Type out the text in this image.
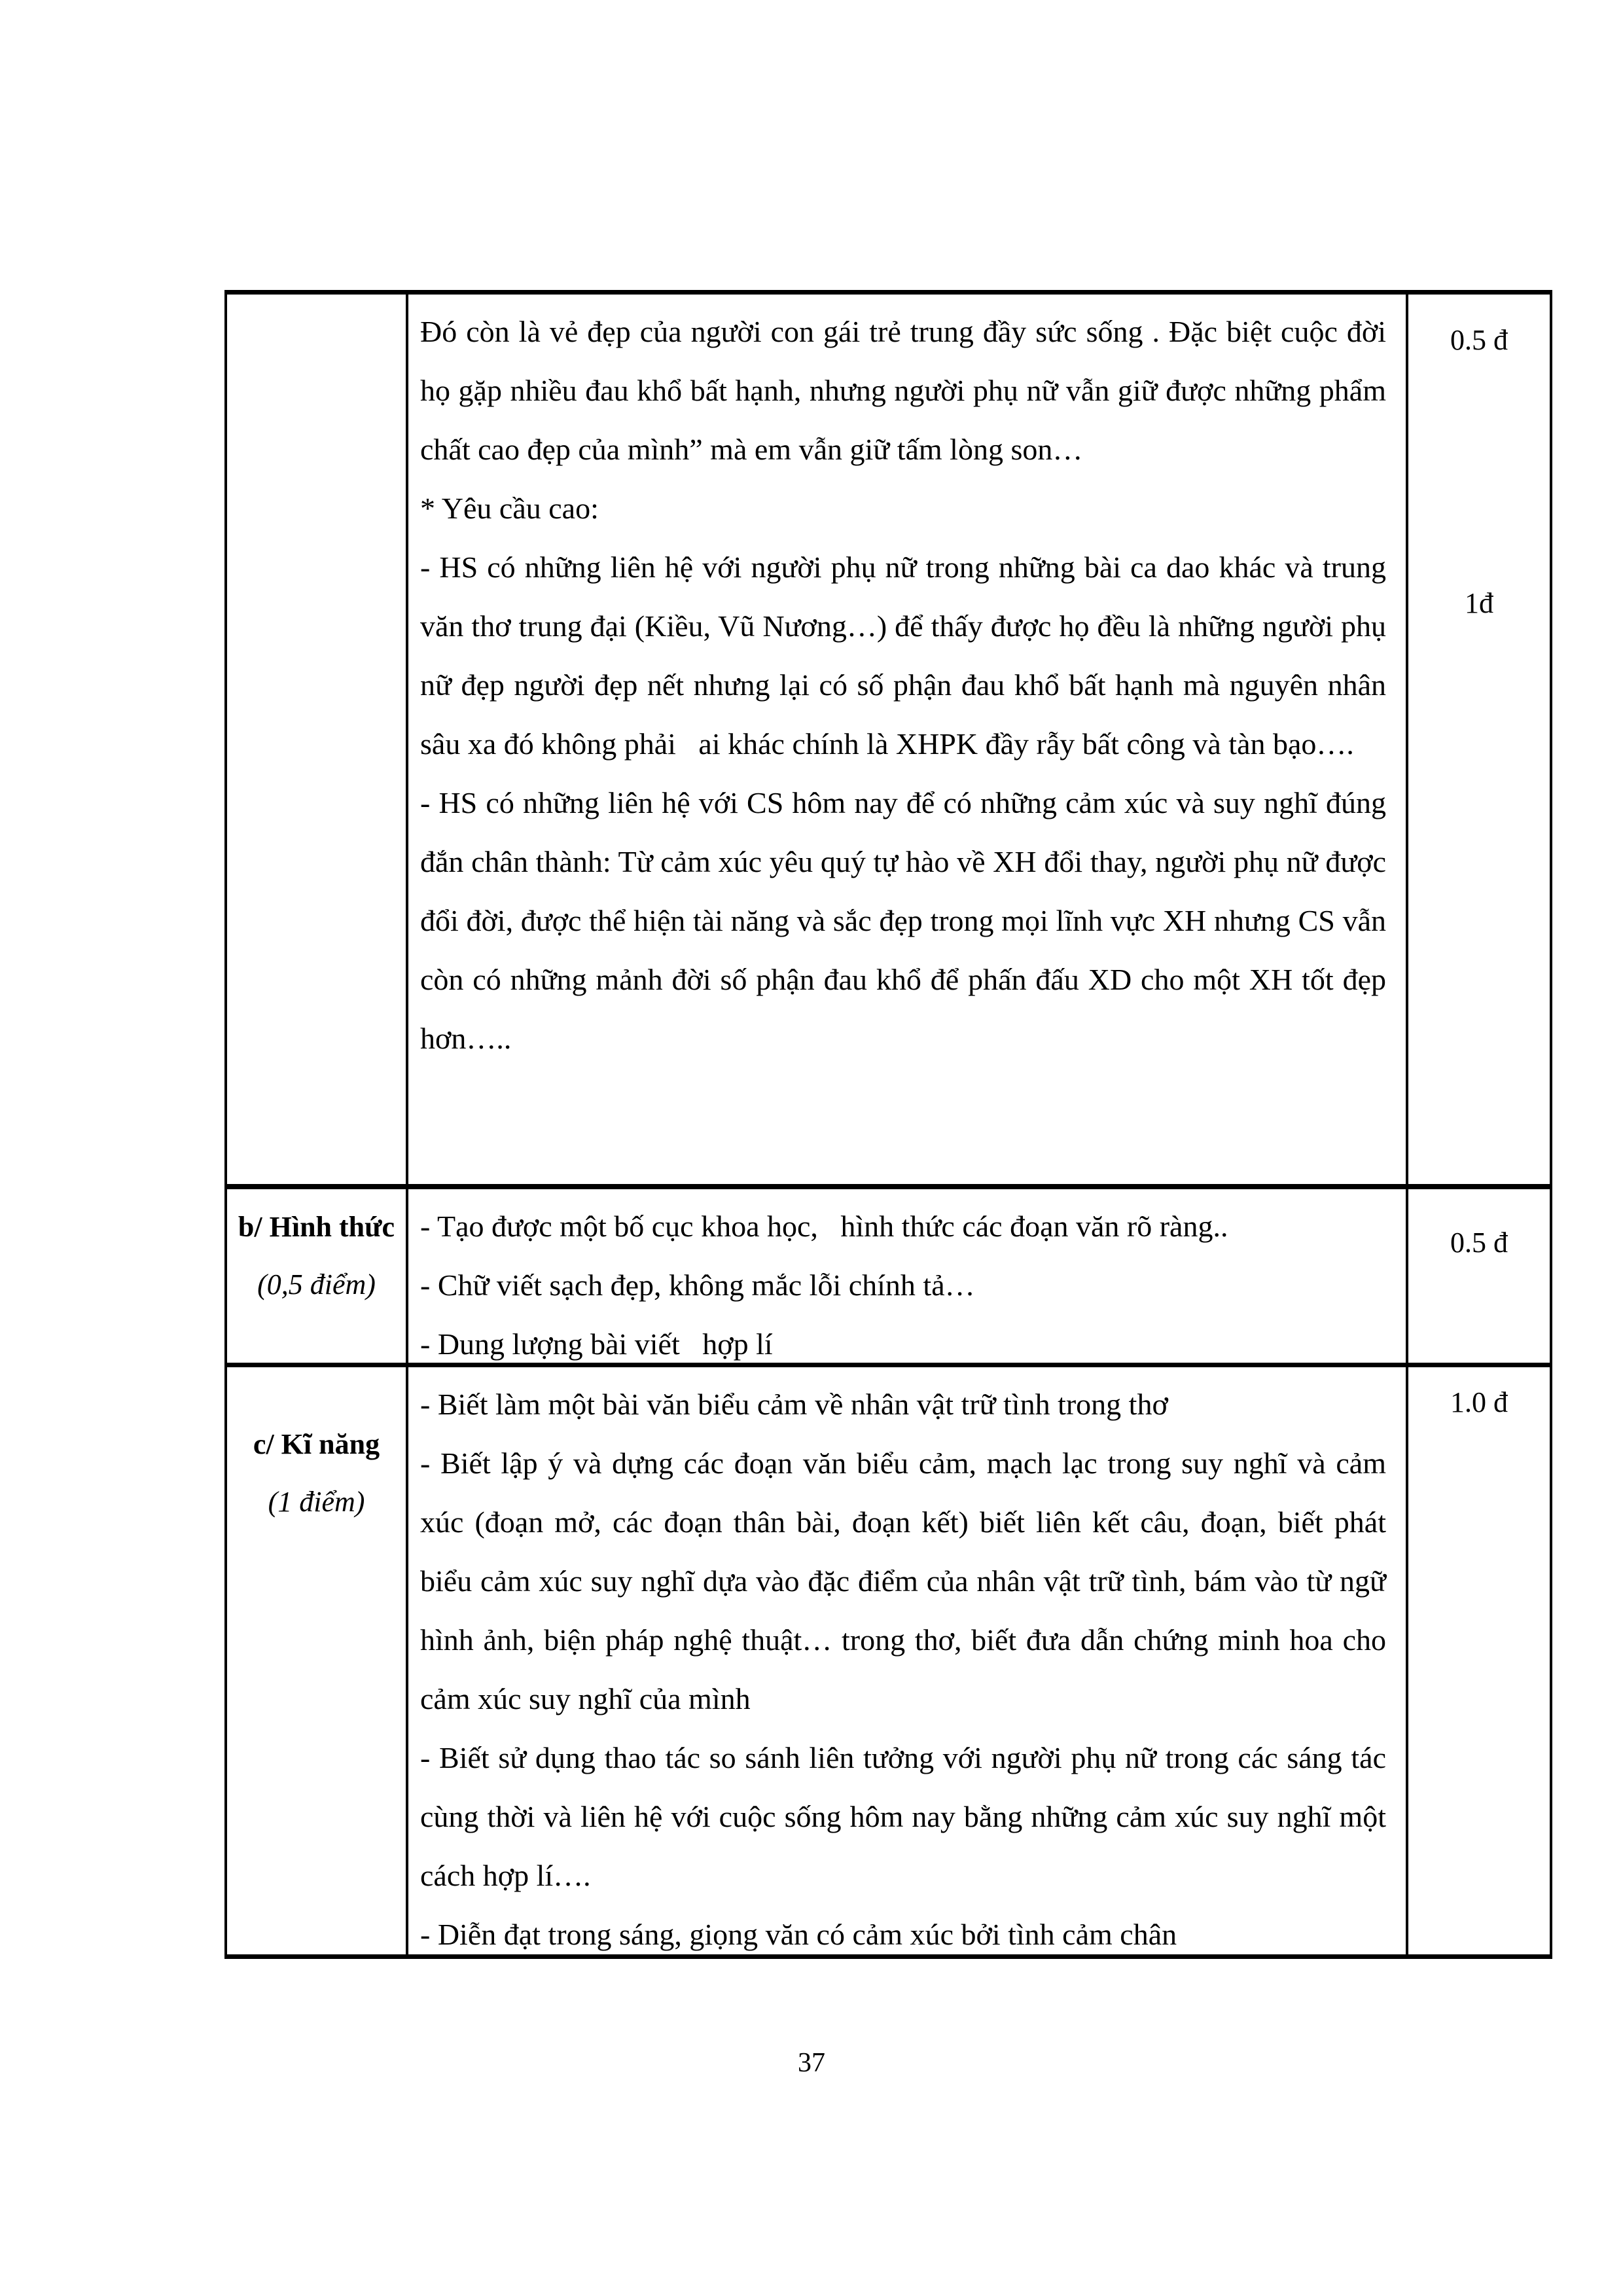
Đó còn là vẻ đẹp của người con gái trẻ trung đầy sức sống . Đặc biệt cuộc đời họ gặp nhiều đau khổ bất hạnh, nhưng người phụ nữ vẫn giữ được những phẩm chất cao đẹp của mình” mà em vẫn giữ tấm lòng son…

* Yêu cầu cao:

- HS có những liên hệ với người phụ nữ trong những bài ca dao khác và trung văn thơ trung đại (Kiều, Vũ Nương…) để thấy được họ đều là những người phụ nữ đẹp người đẹp nết nhưng lại có số phận đau khổ bất hạnh mà nguyên nhân sâu xa đó không phải   ai khác chính là XHPK đầy rẫy bất công và tàn bạo….

- HS có những liên hệ với CS hôm nay để có những cảm xúc và suy nghĩ đúng đắn chân thành: Từ cảm xúc yêu quý tự hào về XH đổi thay, người phụ nữ được đổi đời, được thể hiện tài năng và sắc đẹp trong mọi lĩnh vực XH nhưng CS vẫn còn có những mảnh đời số phận đau khổ để phấn đấu XD cho một XH tốt đẹp hơn…..

0.5 đ
1đ
b/ Hình thức
(0,5 điểm)

- Tạo được một bố cục khoa học,   hình thức các đoạn văn rõ ràng..

- Chữ viết sạch đẹp, không mắc lỗi chính tả…

- Dung lượng bài viết   hợp lí

0.5 đ
c/ Kĩ năng
(1 điểm)

- Biết làm một bài văn biểu cảm về nhân vật trữ tình trong thơ

- Biết lập ý và dựng các đoạn văn biểu cảm, mạch lạc trong suy nghĩ và cảm xúc (đoạn mở, các đoạn thân bài, đoạn kết) biết liên kết câu, đoạn, biết phát biểu cảm xúc suy nghĩ dựa vào đặc điểm của nhân vật trữ tình, bám vào từ ngữ hình ảnh, biện pháp nghệ thuật… trong thơ, biết đưa dẫn chứng minh hoa cho cảm xúc suy nghĩ của mình

- Biết sử dụng thao tác so sánh liên tưởng với người phụ nữ trong các sáng tác cùng thời và liên hệ với cuộc sống hôm nay bằng những cảm xúc suy nghĩ một cách hợp lí….

- Diễn đạt trong sáng, giọng văn có cảm xúc bởi tình cảm chân

1.0 đ
37
